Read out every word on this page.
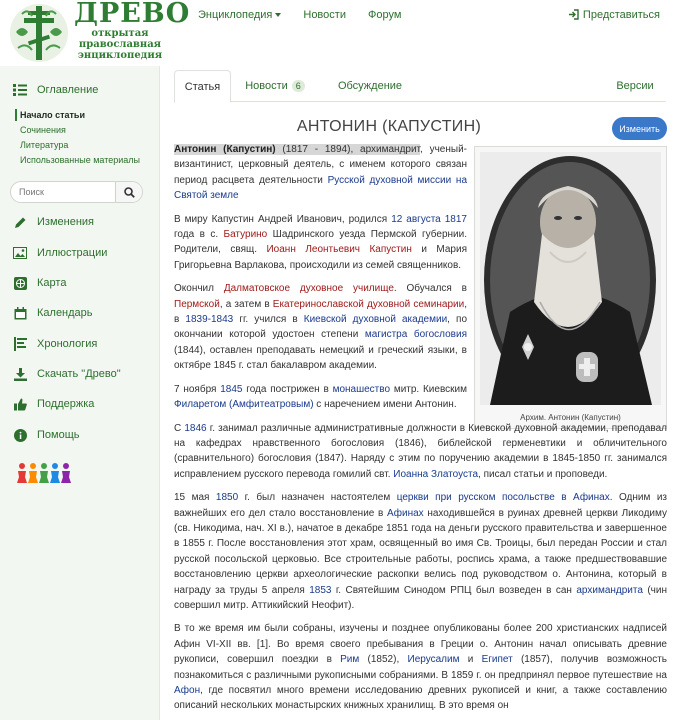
ДРЕВО
открытая
православная
энциклопедия
Энциклопедия	Новости Форум	Представиться
Оглавление
Начало статьи
Сочинения
Литература
Использованные материалы
Поиск
Изменения
Иллюстрации
Карта
Календарь
Хронология
Скачать "Древо"
Поддержка
Помощь
Статья	Новости 6	Обсуждение	Версии
АНТОНИН (КАПУСТИН)	Изменить
Архим. Антонин (Капустин)

Антонин (Капустин) (1817 - 1894), архимандрит, ученый-византинист, церковный деятель, с именем которого связан период расцвета деятельности Русской духовной миссии на Святой земле

В миру Капустин Андрей Иванович, родился 12 августа 1817 года в с. Батурино Шадринского уезда Пермской губернии. Родители, свящ. Иоанн Леонтьевич Капустин и Мария Григорьевна Варлакова, происходили из семей священников.

Окончил Далматовское духовное училище. Обучался в Пермской, а затем в Екатеринославской духовной семинарии, в 1839-1843 гг. учился в Киевской духовной академии, по окончании которой удостоен степени магистра богословия (1844), оставлен преподавать немецкий и греческий языки, в октябре 1845 г. стал бакалавром академии.

7 ноября 1845 года пострижен в монашество митр. Киевским Филаретом (Амфитеатровым) с наречением имени Антонин.

С 1846 г. занимал различные административные должности в Киевской духовной академии, преподавал на кафедрах нравственного богословия (1846), библейской герменевтики и обличительного (сравнительного) богословия (1847). Наряду с этим по поручению академии в 1845-1850 гг. занимался исправлением русского перевода гомилий свт. Иоанна Златоуста, писал статьи и проповеди.

15 мая 1850 г. был назначен настоятелем церкви при русском посольстве в Афинах. Одним из важнейших его дел стало восстановление в Афинах находившейся в руинах древней церкви Ликодиму (св. Никодима, нач. XI в.), начатое в декабре 1851 года на деньги русского правительства и завершенное в 1855 г. После восстановления этот храм, освященный во имя Св. Троицы, был передан России и стал русской посольской церковью. Все строительные работы, роспись храма, а также предшествовавшие восстановлению церкви археологические раскопки велись под руководством о. Антонина, который в награду за труды 5 апреля 1853 г. Святейшим Синодом РПЦ был возведен в сан архимандрита (чин совершил митр. Аттикийский Неофит).

В то же время им были собраны, изучены и позднее опубликованы более 200 христианских надписей Афин VI-XII вв. [1]. Во время своего пребывания в Греции о. Антонин начал описывать древние рукописи, совершил поездки в Рим (1852), Иерусалим и Египет (1857), получив возможность познакомиться с различными рукописными собраниями. В 1859 г. он предпринял первое путешествие на Афон, где посвятил много времени исследованию древних рукописей и книг, а также составлению описаний нескольких монастырских книжных хранилищ. В это время он
